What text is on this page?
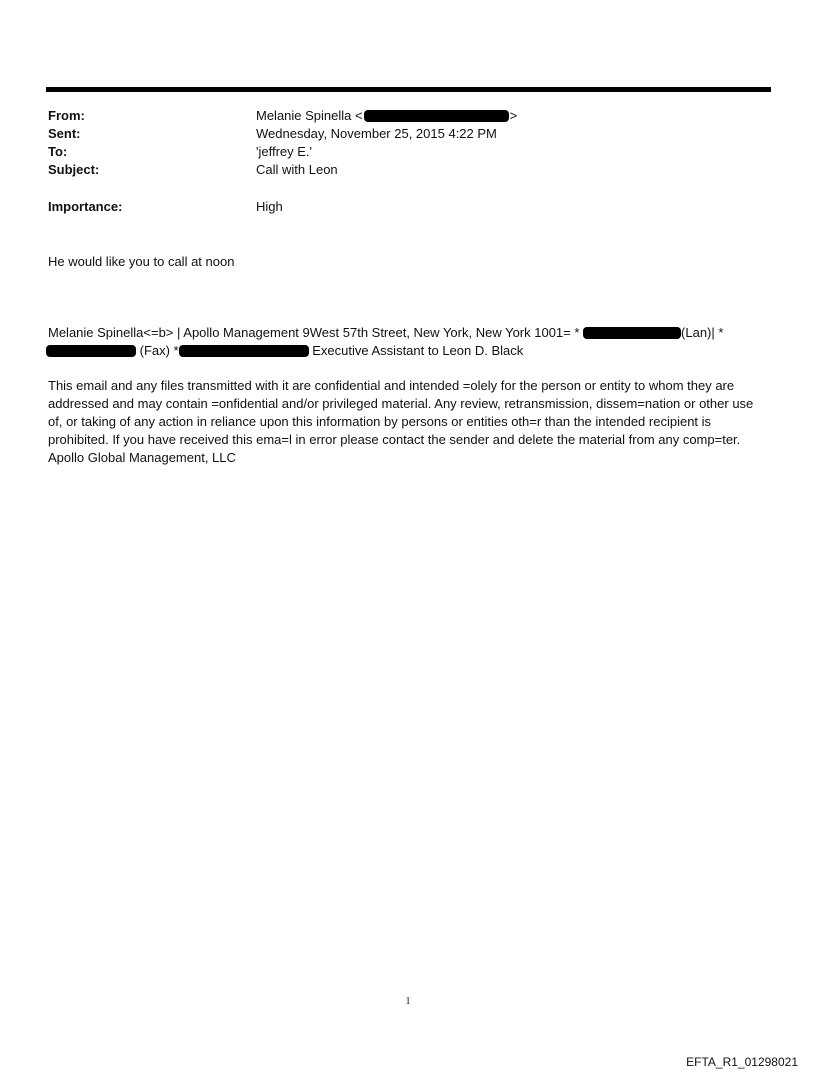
From:	Melanie Spinella <	>
Sent:	Wednesday, November 25, 2015 4:22 PM
To:	'jeffrey E.'
Subject:	Call with Leon
Importance:	High
He would like you to call at noon
Melanie Spinella<=b> | Apollo Management 9West 57th Street, New York, New York 1001= *	(Lan)| *
(Fax) *	Executive Assistant to Leon D. Black
This email and any files transmitted with it are confidential and intended =olely for the person or entity to whom they are addressed and may contain =onfidential and/or privileged material. Any review, retransmission, dissem=nation or other use of, or taking of any action in reliance upon this information by persons or entities oth=r than the intended recipient is prohibited. If you have received this ema=l in error please contact the sender and delete the material from any comp=ter. Apollo Global Management, LLC
1
EFTA_R1_01298021
